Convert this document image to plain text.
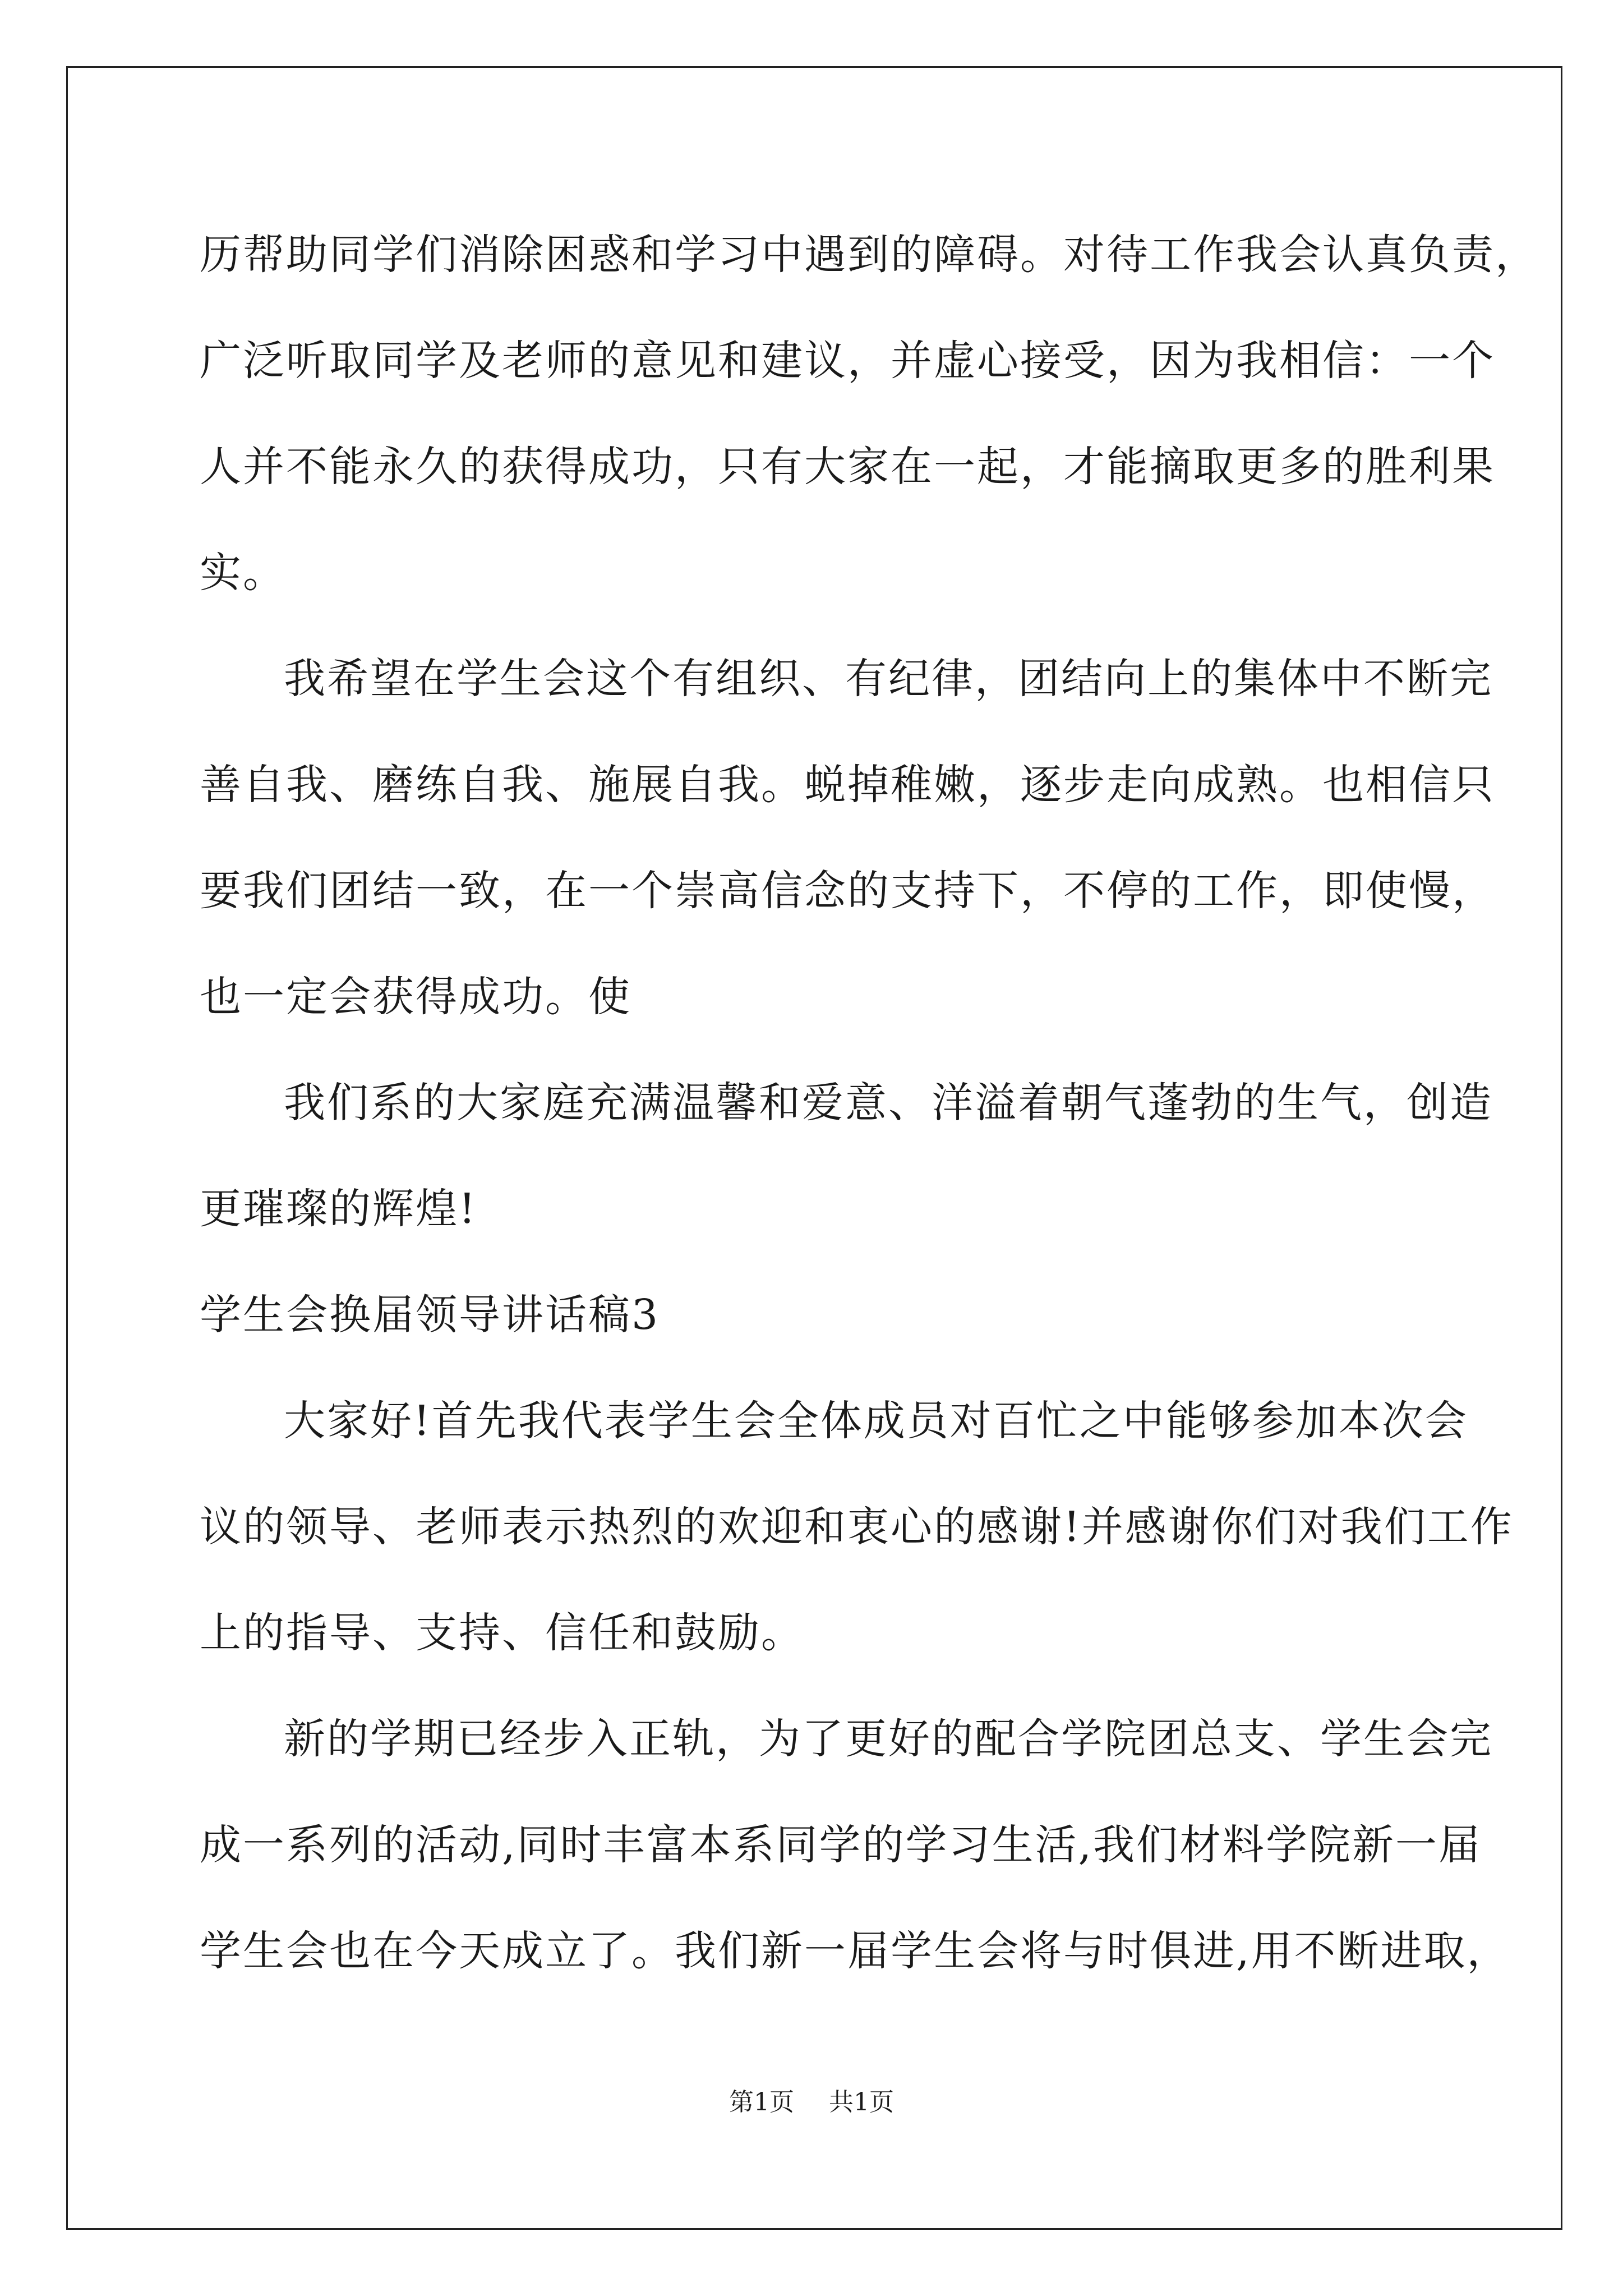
历帮助同学们消除困惑和学习中遇到的障碍。对待工作我会认真负责，
广泛听取同学及老师的意见和建议，并虚心接受，因为我相信：一个
人并不能永久的获得成功，只有大家在一起，才能摘取更多的胜利果
实。
我希望在学生会这个有组织、有纪律，团结向上的集体中不断完
善自我、磨练自我、施展自我。蜕掉稚嫩，逐步走向成熟。也相信只
要我们团结一致，在一个崇高信念的支持下，不停的工作，即使慢，
也一定会获得成功。使
我们系的大家庭充满温馨和爱意、洋溢着朝气蓬勃的生气，创造
更璀璨的辉煌!
学生会换届领导讲话稿3
大家好!首先我代表学生会全体成员对百忙之中能够参加本次会
议的领导、老师表示热烈的欢迎和衷心的感谢!并感谢你们对我们工作
上的指导、支持、信任和鼓励。
新的学期已经步入正轨，为了更好的配合学院团总支、学生会完
成一系列的活动,同时丰富本系同学的学习生活,我们材料学院新一届
学生会也在今天成立了。我们新一届学生会将与时俱进,用不断进取，
第1页 共1页
